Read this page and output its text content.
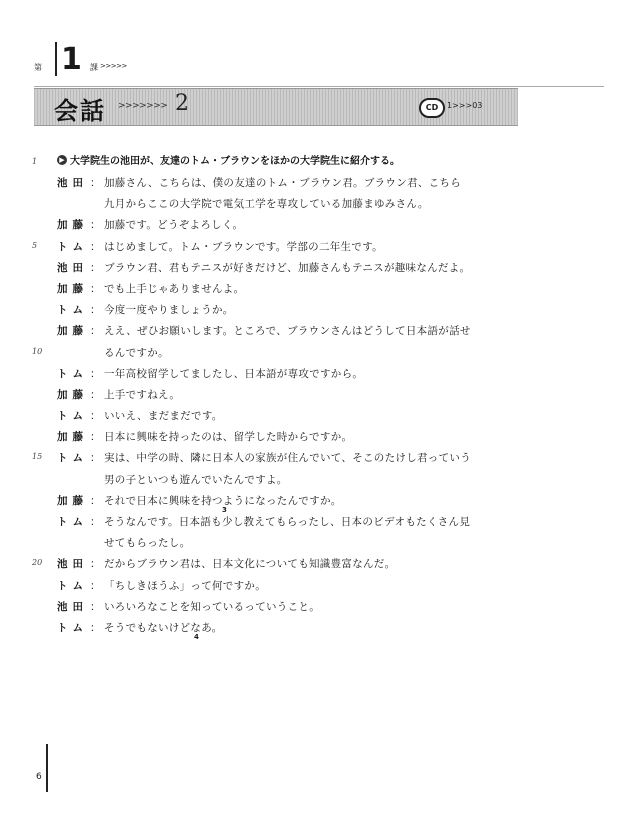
第 1 課 >>>>>
会話 >>>>>>> 2	CD	1>>>03
1	▶ 大学院生の池田が、友達のトム・ブラウンをほかの大学院生に紹介する。
池田 ： 加藤さん、こちらは、僕の友達のトム・ブラウン君。ブラウン君、こちら
九月からここの大学院で電気工学を専攻している加藤まゆみさん。
加藤 ： 加藤です。どうぞよろしく。
5 トム ： はじめまして。トム・ブラウンです。学部の二年生です。
池田 ： ブラウン君、君もテニスが好きだけど、加藤さんもテニスが趣味なんだよ。
加藤 ： でも上手じゃありませんよ。
トム ： 今度一度やりましょうか。
加藤 ： ええ、ぜひお願いします。ところで、ブラウンさんはどうして日本語が話せ
10	るんですか。
トム ： 一年高校留学してましたし、日本語が専攻ですから。
加藤 ： 上手ですねえ。
トム ： いいえ、まだまだです。
加藤 ： 日本に興味を持ったのは、留学した時からですか。
15 トム ： 実は、中学の時、隣に日本人の家族が住んでいて、そこのたけし君っていう
男の子といつも遊んでいたんですよ。
加藤 ： それで日本に興味を持つようになったんですか。
3
トム ： そうなんです。日本語も少し教えてもらったし、日本のビデオもたくさん見
せてもらったし。
20 池田 ： だからブラウン君は、日本文化についても知識豊富なんだ。
トム ： 「ちしきほうふ」って何ですか。
池田 ： いろいろなことを知っているっていうこと。
トム ： そうでもないけどなあ。
4
6
